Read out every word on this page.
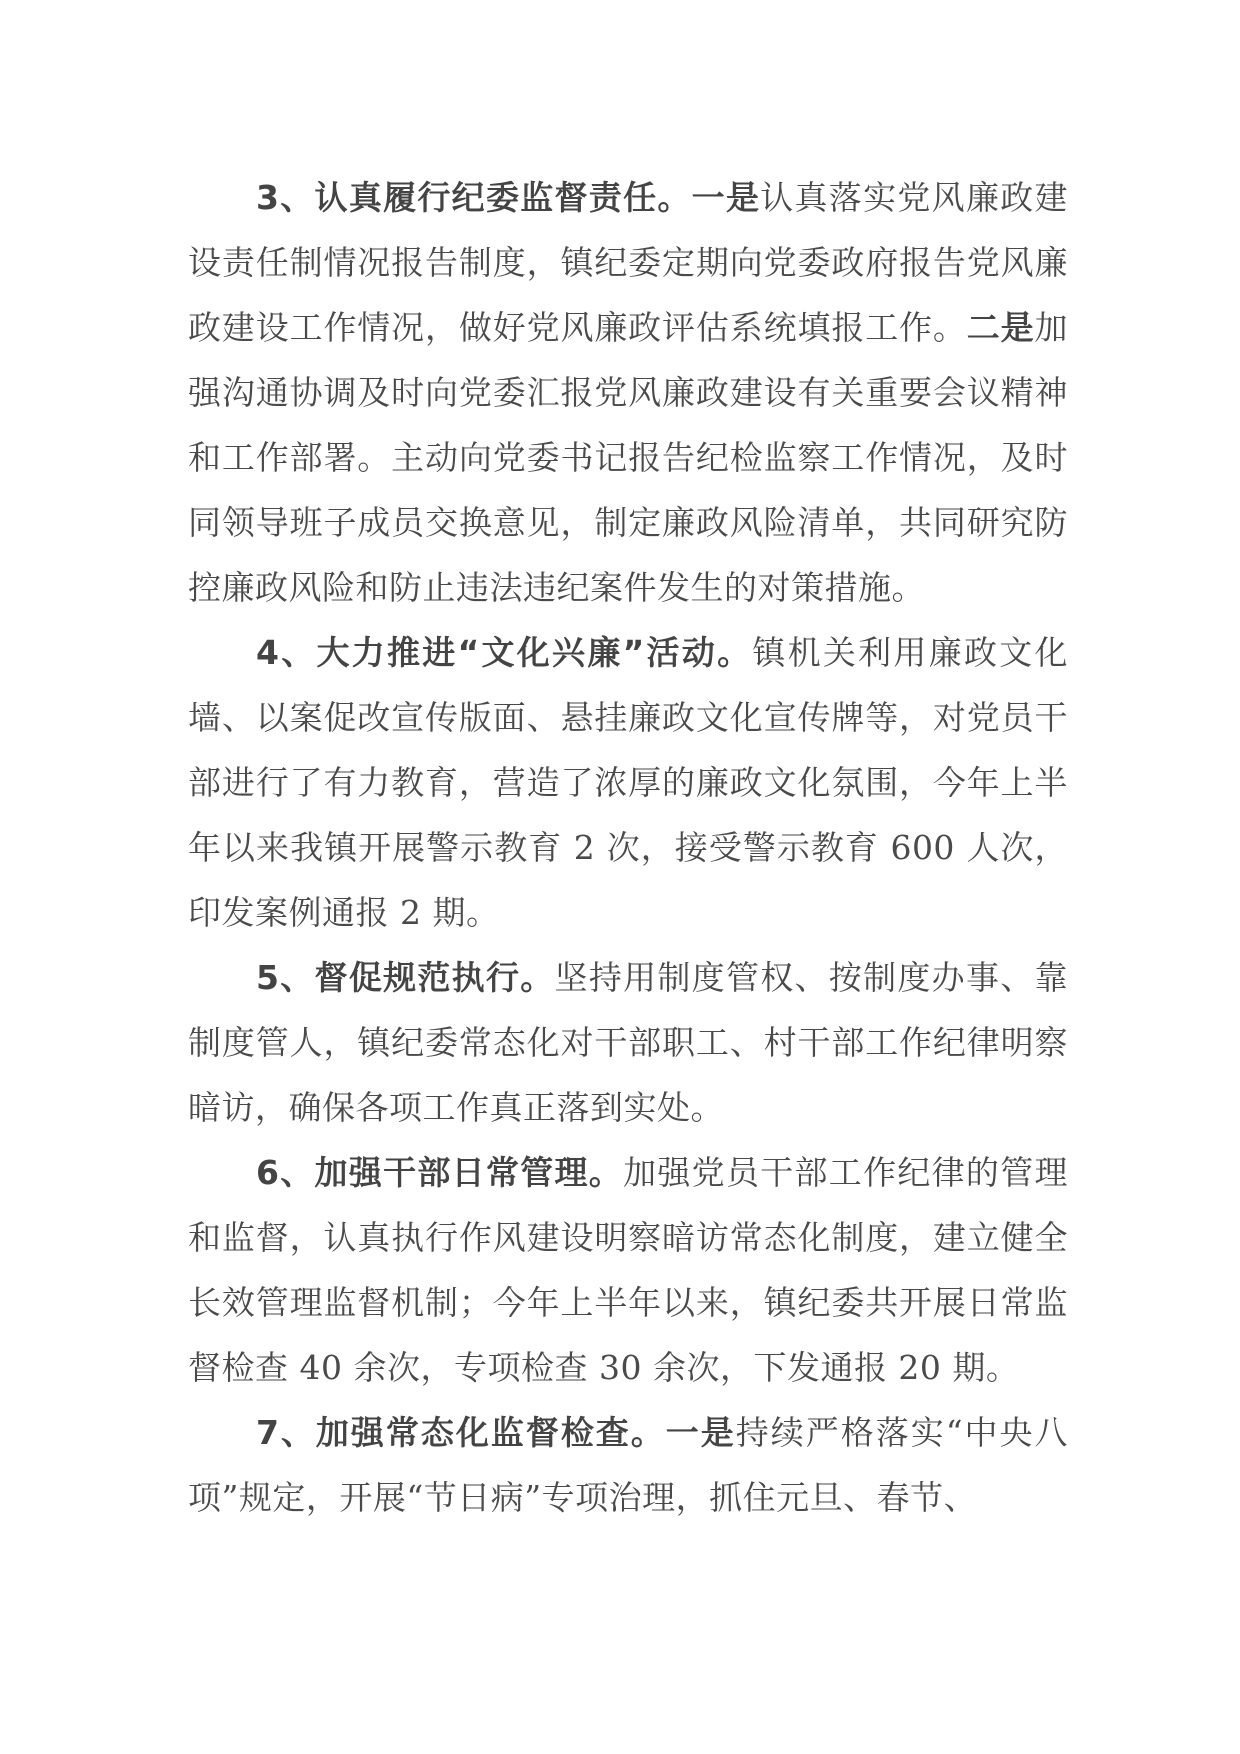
3、认真履行纪委监督责任。一是认真落实党风廉政建设责任制情况报告制度，镇纪委定期向党委政府报告党风廉政建设工作情况，做好党风廉政评估系统填报工作。二是加强沟通协调及时向党委汇报党风廉政建设有关重要会议精神和工作部署。主动向党委书记报告纪检监察工作情况，及时同领导班子成员交换意见，制定廉政风险清单，共同研究防控廉政风险和防止违法违纪案件发生的对策措施。

4、大力推进“文化兴廉”活动。镇机关利用廉政文化墙、以案促改宣传版面、悬挂廉政文化宣传牌等，对党员干部进行了有力教育，营造了浓厚的廉政文化氛围，今年上半年以来我镇开展警示教育 2 次，接受警示教育 600 人次，印发案例通报 2 期。

5、督促规范执行。坚持用制度管权、按制度办事、靠制度管人，镇纪委常态化对干部职工、村干部工作纪律明察暗访，确保各项工作真正落到实处。

6、加强干部日常管理。加强党员干部工作纪律的管理和监督，认真执行作风建设明察暗访常态化制度，建立健全长效管理监督机制；今年上半年以来，镇纪委共开展日常监督检查 40 余次，专项检查 30 余次，下发通报 20 期。

7、加强常态化监督检查。一是持续严格落实“中央八项”规定，开展“节日病”专项治理，抓住元旦、春节、
